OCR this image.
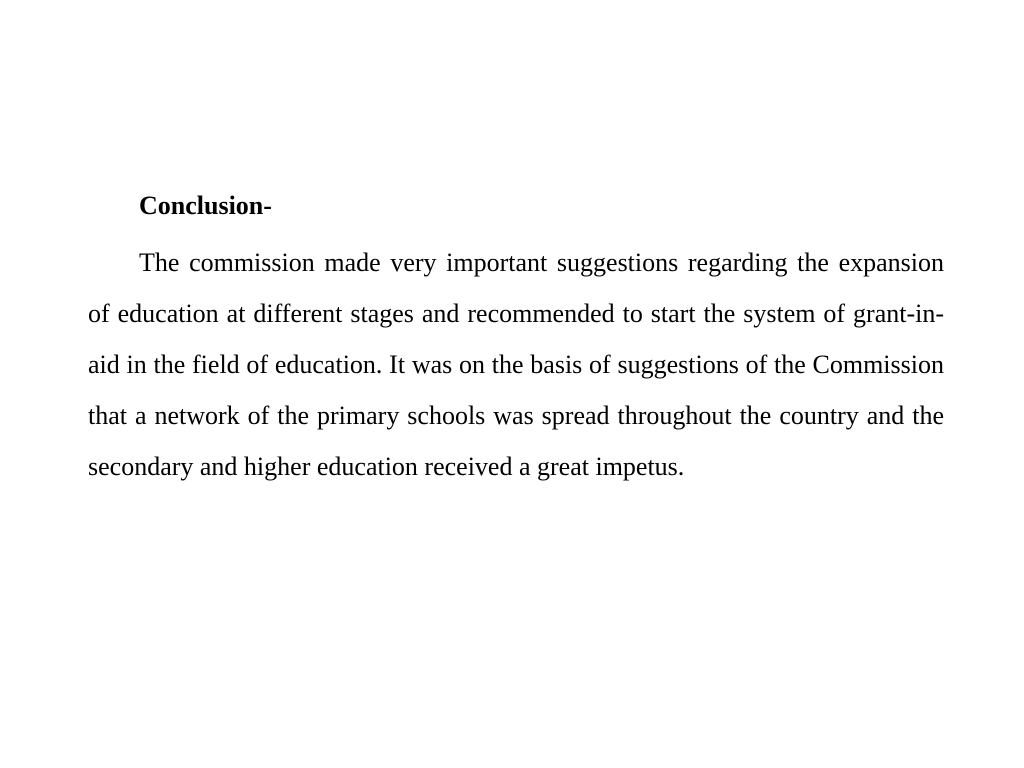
Conclusion-

The commission made very important suggestions regarding the expansion of education at different stages and recommended to start the system of grant-in-aid in the field of education. It was on the basis of suggestions of the Commission that a network of the primary schools was spread throughout the country and the secondary and higher education received a great impetus.
